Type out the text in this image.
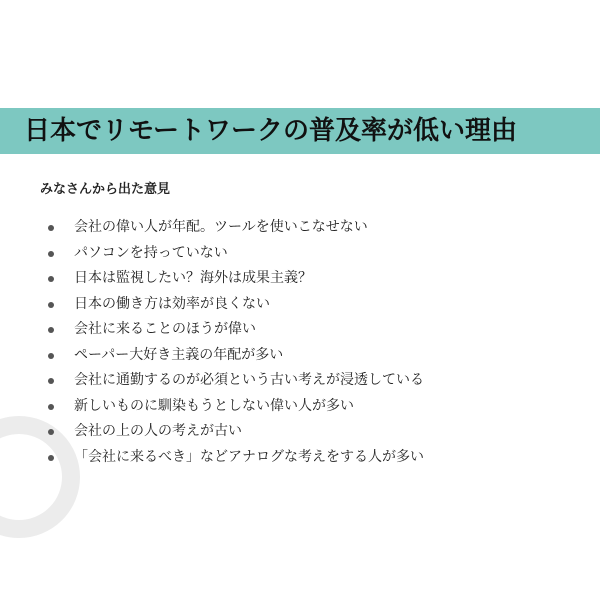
日本でリモートワークの普及率が低い理由
みなさんから出た意見
会社の偉い人が年配。ツールを使いこなせない
パソコンを持っていない
日本は監視したい？海外は成果主義？
日本の働き方は効率が良くない
会社に来ることのほうが偉い
ペーパー大好き主義の年配が多い
会社に通勤するのが必須という古い考えが浸透している
新しいものに馴染もうとしない偉い人が多い
会社の上の人の考えが古い
「会社に来るべき」などアナログな考えをする人が多い
